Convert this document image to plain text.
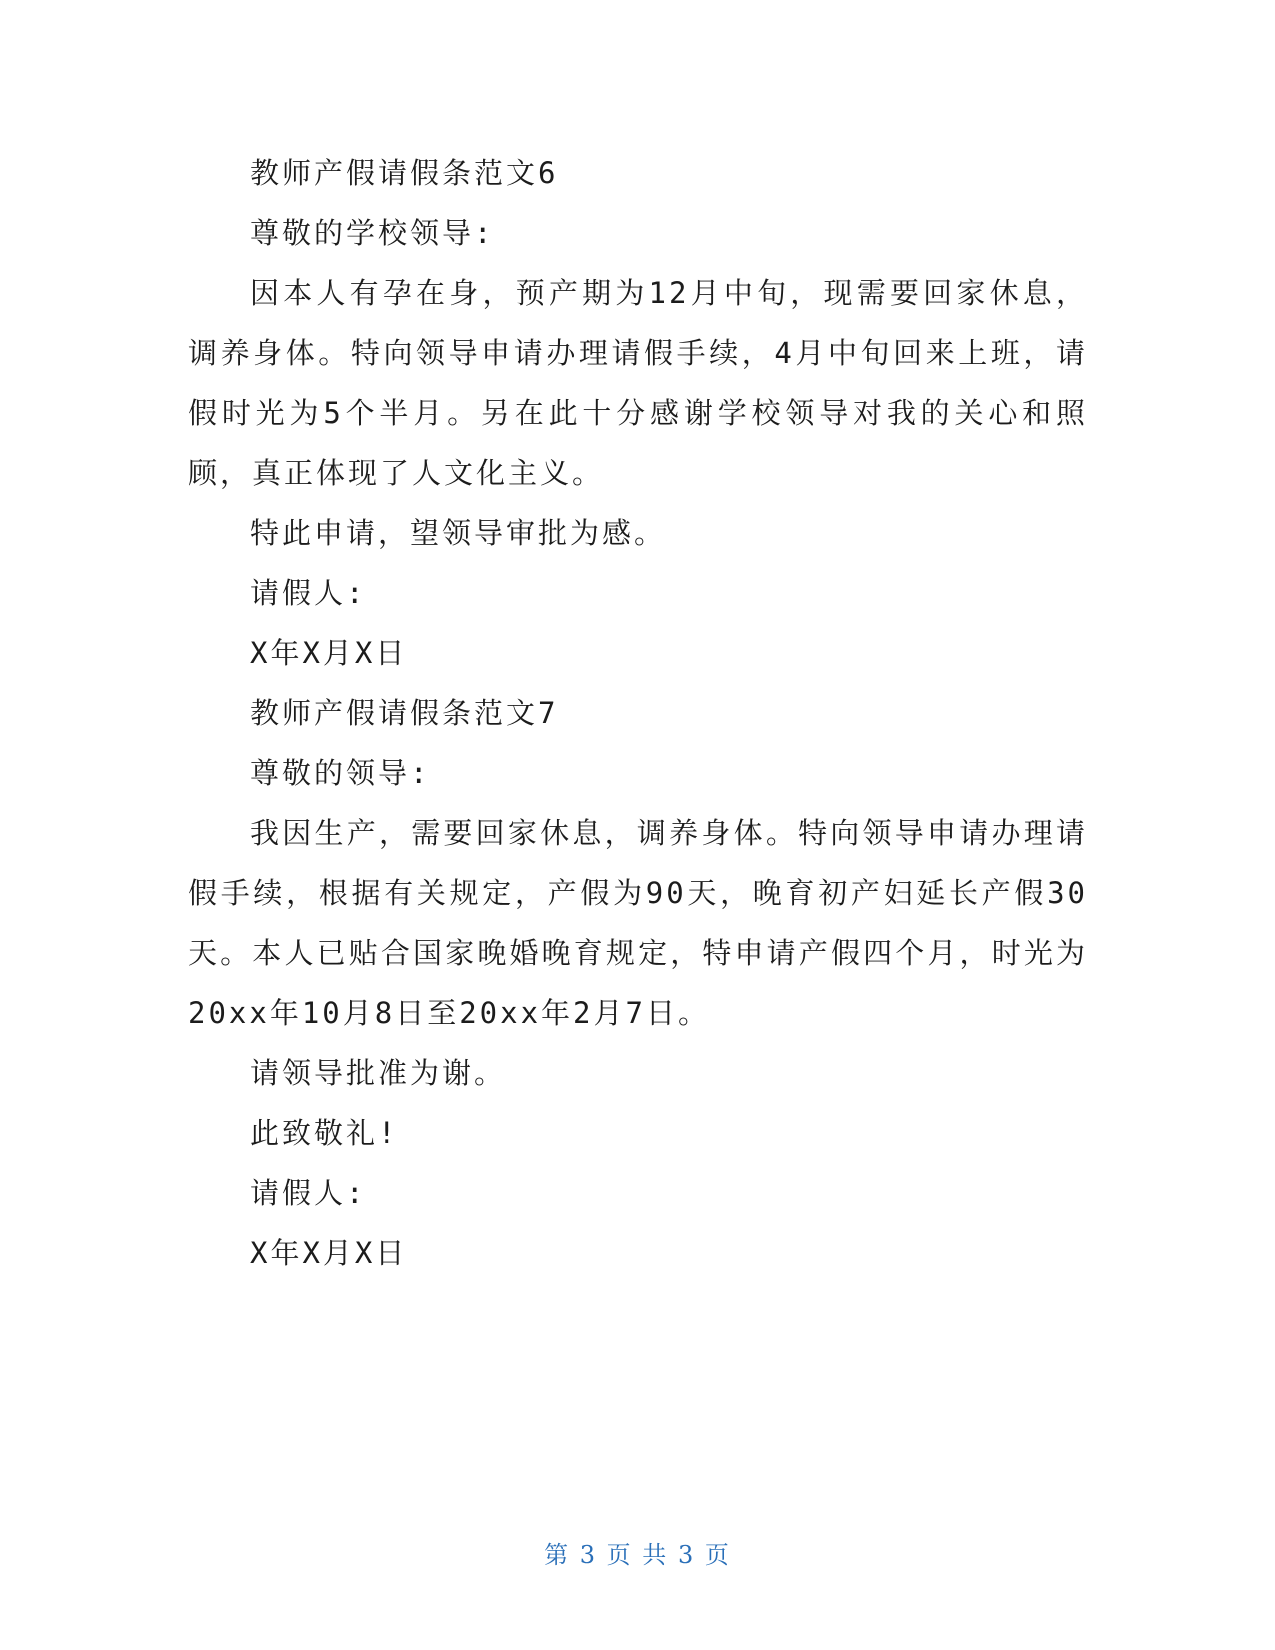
教师产假请假条范文6

尊敬的学校领导:

因本人有孕在身，预产期为12月中旬，现需要回家休息，调养身体。特向领导申请办理请假手续，4月中旬回来上班，请假时光为5个半月。另在此十分感谢学校领导对我的关心和照顾，真正体现了人文化主义。

特此申请，望领导审批为感。

请假人:

X年X月X日

教师产假请假条范文7

尊敬的领导:

我因生产，需要回家休息，调养身体。特向领导申请办理请假手续，根据有关规定，产假为90天，晚育初产妇延长产假30天。本人已贴合国家晚婚晚育规定，特申请产假四个月，时光为20xx年10月8日至20xx年2月7日。

请领导批准为谢。

此致敬礼!

请假人:

X年X月X日

第 3 页 共 3 页
